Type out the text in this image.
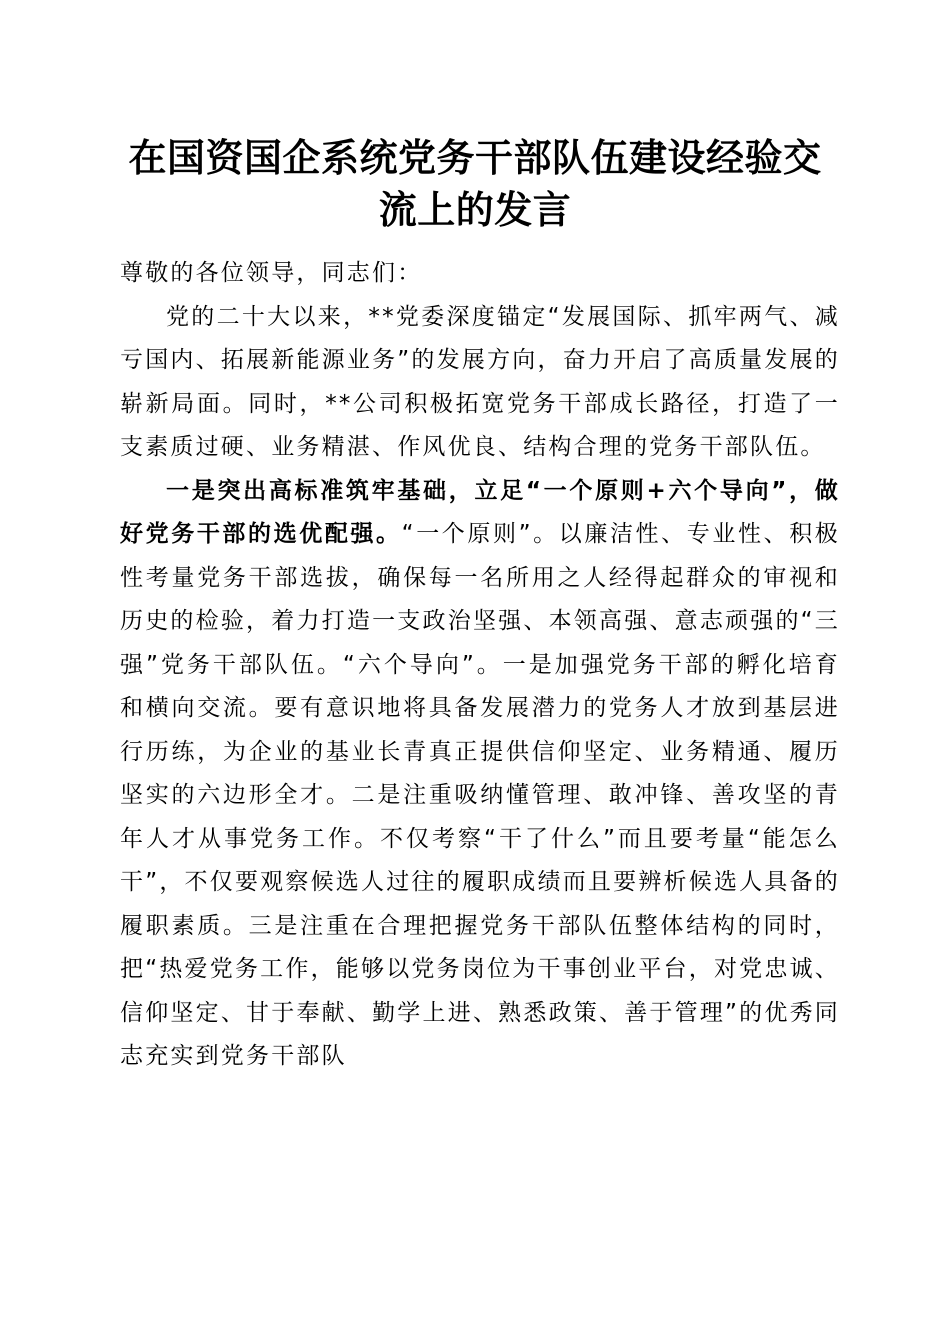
在国资国企系统党务干部队伍建设经验交流上的发言

尊敬的各位领导，同志们：

党的二十大以来，**党委深度锚定“发展国际、抓牢两气、减亏国内、拓展新能源业务”的发展方向，奋力开启了高质量发展的崭新局面。同时，**公司积极拓宽党务干部成长路径，打造了一支素质过硬、业务精湛、作风优良、结构合理的党务干部队伍。

一是突出高标准筑牢基础，立足“一个原则+六个导向”，做好党务干部的选优配强。“一个原则”。以廉洁性、专业性、积极性考量党务干部选拔，确保每一名所用之人经得起群众的审视和历史的检验，着力打造一支政治坚强、本领高强、意志顽强的“三强”党务干部队伍。“六个导向”。一是加强党务干部的孵化培育和横向交流。要有意识地将具备发展潜力的党务人才放到基层进行历练，为企业的基业长青真正提供信仰坚定、业务精通、履历坚实的六边形全才。二是注重吸纳懂管理、敢冲锋、善攻坚的青年人才从事党务工作。不仅考察“干了什么”而且要考量“能怎么干”，不仅要观察候选人过往的履职成绩而且要辨析候选人具备的履职素质。三是注重在合理把握党务干部队伍整体结构的同时，把“热爱党务工作，能够以党务岗位为干事创业平台，对党忠诚、信仰坚定、甘于奉献、勤学上进、熟悉政策、善于管理”的优秀同志充实到党务干部队
